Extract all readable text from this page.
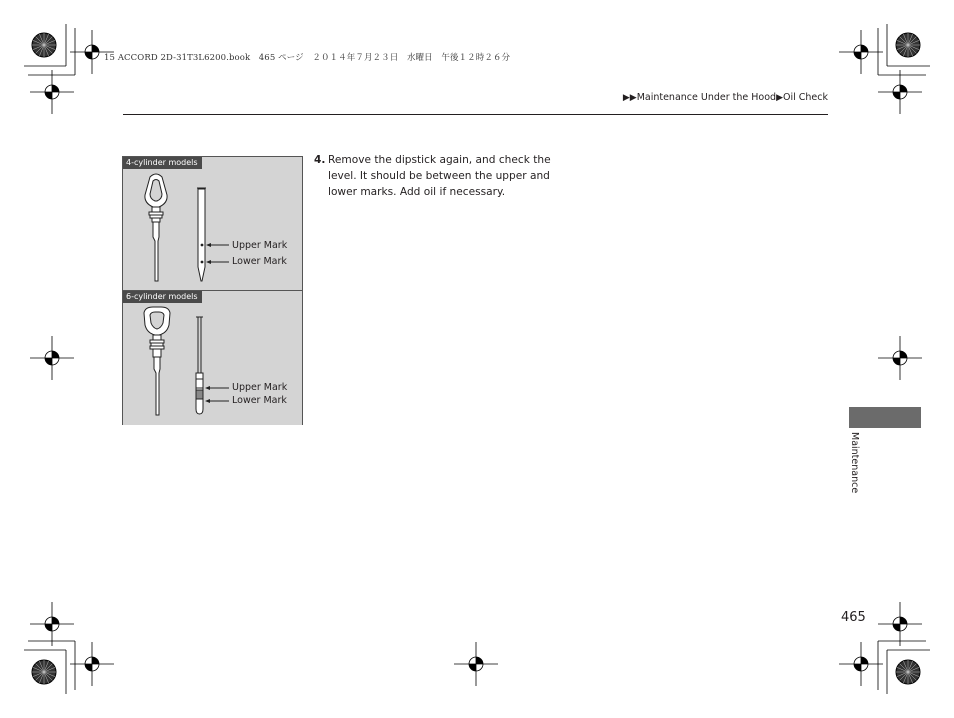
15 ACCORD 2D-31T3L6200.book　465 ページ　２０１４年７月２３日　水曜日　午後１２時２６分
▶▶Maintenance Under the Hood▶Oil Check
4-cylinder models
Upper Mark
Lower Mark
6-cylinder models
Upper Mark
Lower Mark
4. Remove the dipstick again, and check the level. It should be between the upper and lower marks. Add oil if necessary.
Maintenance
465
